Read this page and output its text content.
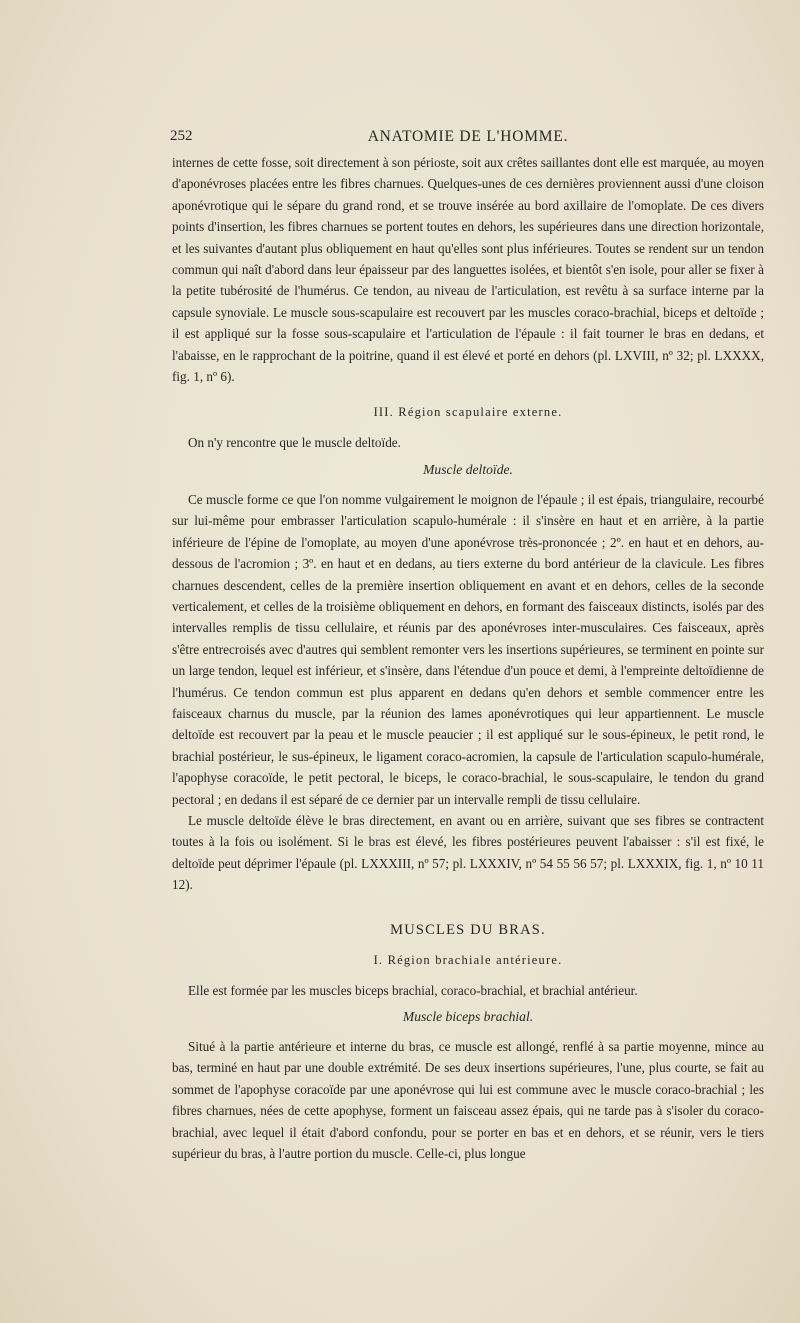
252	ANATOMIE DE L'HOMME.

internes de cette fosse, soit directement à son périoste, soit aux crêtes saillantes dont elle est marquée, au moyen d'aponévroses placées entre les fibres charnues. Quelques-unes de ces dernières proviennent aussi d'une cloison aponévrotique qui le sépare du grand rond, et se trouve insérée au bord axillaire de l'omoplate. De ces divers points d'insertion, les fibres charnues se portent toutes en dehors, les supérieures dans une direction horizontale, et les suivantes d'autant plus obliquement en haut qu'elles sont plus inférieures. Toutes se rendent sur un tendon commun qui naît d'abord dans leur épaisseur par des languettes isolées, et bientôt s'en isole, pour aller se fixer à la petite tubérosité de l'humérus. Ce tendon, au niveau de l'articulation, est revêtu à sa surface interne par la capsule synoviale. Le muscle sous-scapulaire est recouvert par les muscles coraco-brachial, biceps et deltoïde ; il est appliqué sur la fosse sous-scapulaire et l'articulation de l'épaule : il fait tourner le bras en dedans, et l'abaisse, en le rapprochant de la poitrine, quand il est élevé et porté en dehors (pl. LXVIII, nº 32; pl. LXXXX, fig. 1, nº 6).

III. Région scapulaire externe.

On n'y rencontre que le muscle deltoïde.

Muscle deltoïde.

Ce muscle forme ce que l'on nomme vulgairement le moignon de l'épaule ; il est épais, triangulaire, recourbé sur lui-même pour embrasser l'articulation scapulo-humérale : il s'insère en haut et en arrière, à la partie inférieure de l'épine de l'omoplate, au moyen d'une aponévrose très-prononcée ; 2º. en haut et en dehors, au-dessous de l'acromion ; 3º. en haut et en dedans, au tiers externe du bord antérieur de la clavicule. Les fibres charnues descendent, celles de la première insertion obliquement en avant et en dehors, celles de la seconde verticalement, et celles de la troisième obliquement en dehors, en formant des faisceaux distincts, isolés par des intervalles remplis de tissu cellulaire, et réunis par des aponévroses inter-musculaires. Ces faisceaux, après s'être entrecroisés avec d'autres qui semblent remonter vers les insertions supérieures, se terminent en pointe sur un large tendon, lequel est inférieur, et s'insère, dans l'étendue d'un pouce et demi, à l'empreinte deltoïdienne de l'humérus. Ce tendon commun est plus apparent en dedans qu'en dehors et semble commencer entre les faisceaux charnus du muscle, par la réunion des lames aponévrotiques qui leur appartiennent. Le muscle deltoïde est recouvert par la peau et le muscle peaucier ; il est appliqué sur le sous-épineux, le petit rond, le brachial postérieur, le sus-épineux, le ligament coraco-acromien, la capsule de l'articulation scapulo-humérale, l'apophyse coracoïde, le petit pectoral, le biceps, le coraco-brachial, le sous-scapulaire, le tendon du grand pectoral ; en dedans il est séparé de ce dernier par un intervalle rempli de tissu cellulaire.

Le muscle deltoïde élève le bras directement, en avant ou en arrière, suivant que ses fibres se contractent toutes à la fois ou isolément. Si le bras est élevé, les fibres postérieures peuvent l'abaisser : s'il est fixé, le deltoïde peut déprimer l'épaule (pl. LXXXIII, nº 57; pl. LXXXIV, nº 54 55 56 57; pl. LXXXIX, fig. 1, nº 10 11 12).

MUSCLES DU BRAS.
I. Région brachiale antérieure.

Elle est formée par les muscles biceps brachial, coraco-brachial, et brachial antérieur.

Muscle biceps brachial.

Situé à la partie antérieure et interne du bras, ce muscle est allongé, renflé à sa partie moyenne, mince au bas, terminé en haut par une double extrémité. De ses deux insertions supérieures, l'une, plus courte, se fait au sommet de l'apophyse coracoïde par une aponévrose qui lui est commune avec le muscle coraco-brachial ; les fibres charnues, nées de cette apophyse, forment un faisceau assez épais, qui ne tarde pas à s'isoler du coraco-brachial, avec lequel il était d'abord confondu, pour se porter en bas et en dehors, et se réunir, vers le tiers supérieur du bras, à l'autre portion du muscle. Celle-ci, plus longue
